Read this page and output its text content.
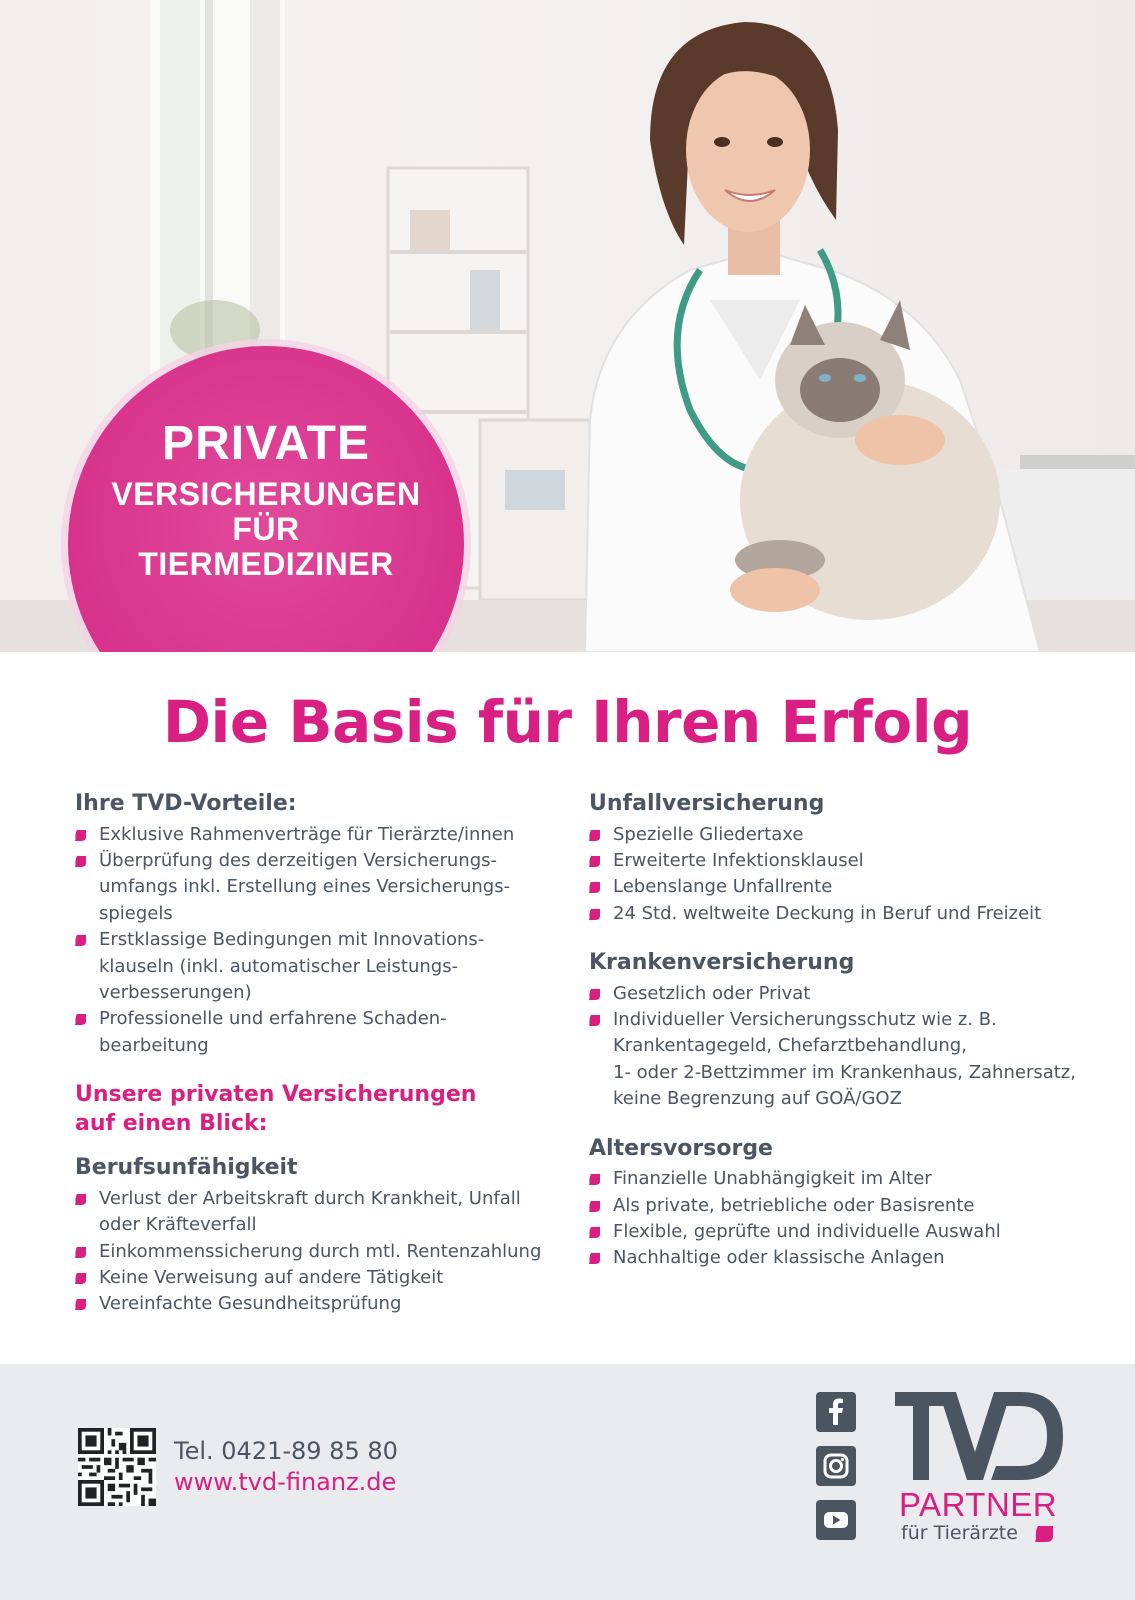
PRIVATE
VERSICHERUNGEN
FÜR
TIERMEDIZINER
Die Basis für Ihren Erfolg
Ihre TVD-Vorteile:
Exklusive Rahmenverträge für Tierärzte/innen
Überprüfung des derzeitigen Versicherungs-
umfangs inkl. Erstellung eines Versicherungs-
spiegels
Erstklassige Bedingungen mit Innovations-
klauseln (inkl. automatischer Leistungs-
verbesserungen)
Professionelle und erfahrene Schaden-
bearbeitung
Unsere privaten Versicherungen
auf einen Blick:
Berufsunfähigkeit
Verlust der Arbeitskraft durch Krankheit, Unfall
oder Kräfteverfall
Einkommenssicherung durch mtl. Rentenzahlung
Keine Verweisung auf andere Tätigkeit
Vereinfachte Gesundheitsprüfung
Unfallversicherung
Spezielle Gliedertaxe
Erweiterte Infektionsklausel
Lebenslange Unfallrente
24 Std. weltweite Deckung in Beruf und Freizeit
Krankenversicherung
Gesetzlich oder Privat
Individueller Versicherungsschutz wie z. B.
Krankentagegeld, Chefarztbehandlung,
1- oder 2-Bettzimmer im Krankenhaus, Zahnersatz,
keine Begrenzung auf GOÄ/GOZ
Altersvorsorge
Finanzielle Unabhängigkeit im Alter
Als private, betriebliche oder Basisrente
Flexible, geprüfte und individuelle Auswahl
Nachhaltige oder klassische Anlagen
Tel. 0421-89 85 80
www.tvd-finanz.de
TVD
PARTNER
für Tierärzte
